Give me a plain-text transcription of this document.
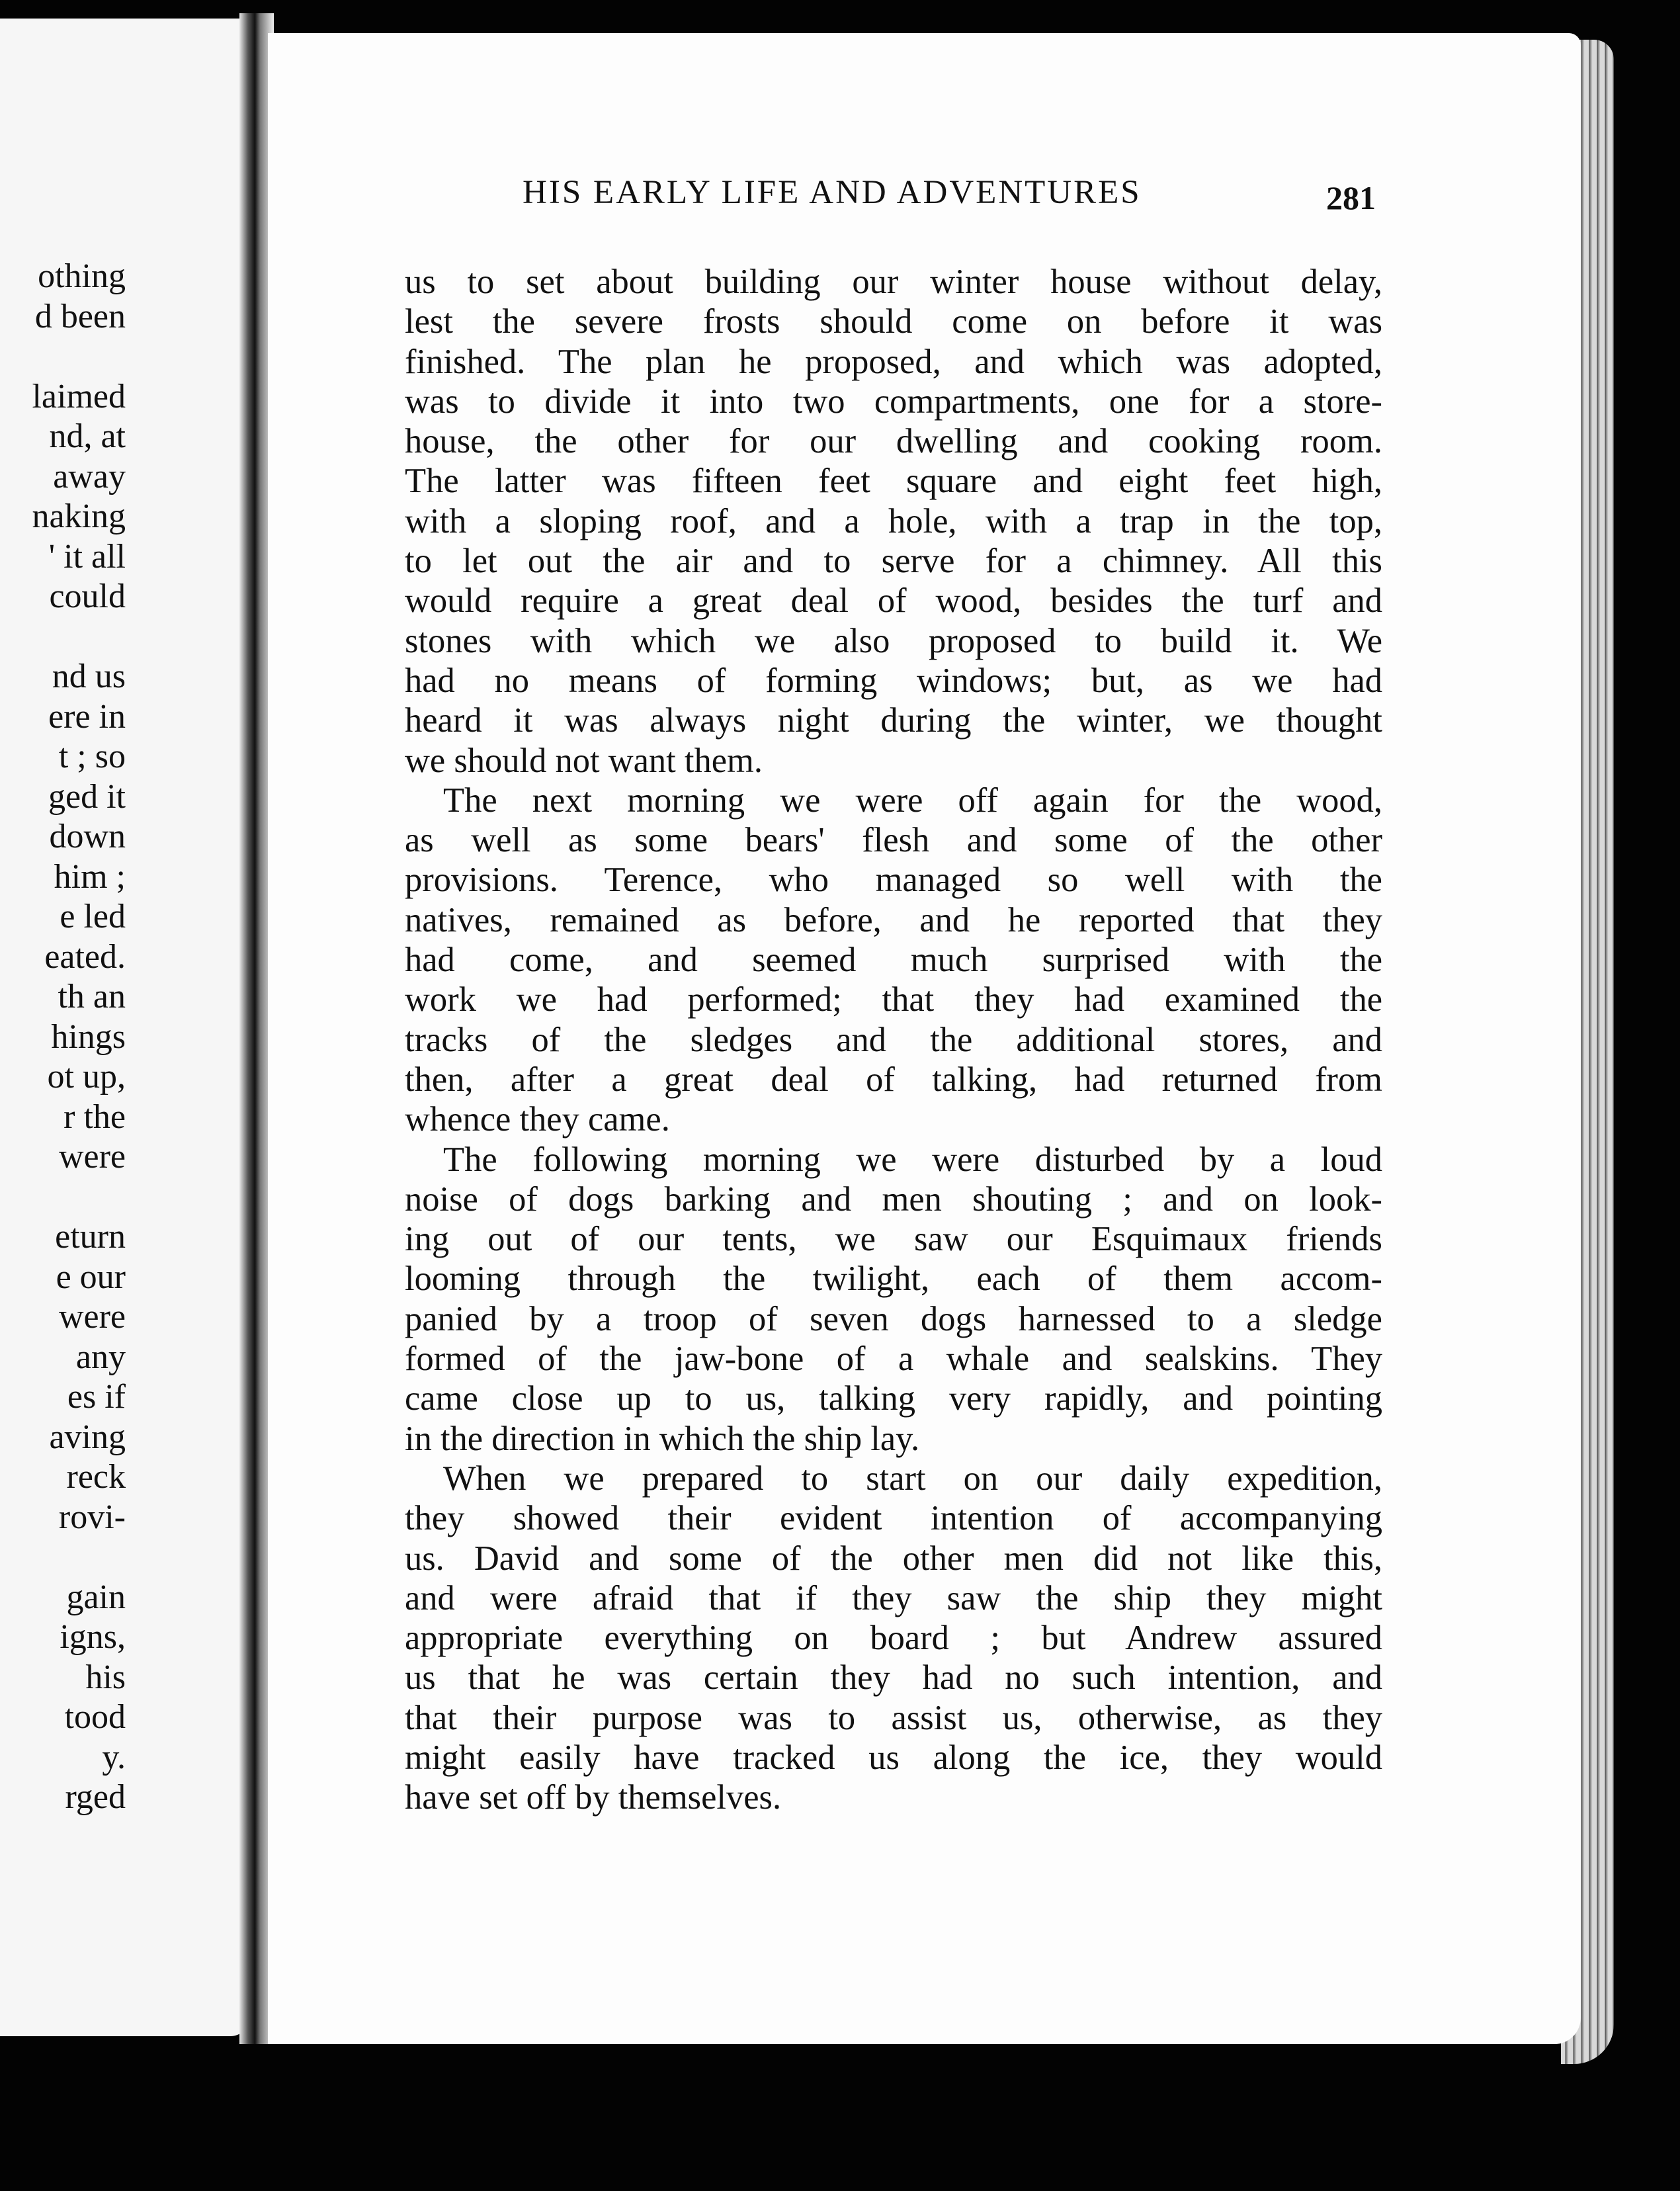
othing
d been
laimed
nd, at
away
naking
' it all
could
nd us
ere in
t ; so
ged it
down
him ;
e led
eated.
th an
hings
ot up,
r the
were
eturn
e our
were
any
es if
aving
reck
rovi-
gain
igns,
his
tood
y.
rged
HIS EARLY LIFE AND ADVENTURES	281
us to set about building our winter house without delay,
lest the severe frosts should come on before it was
finished. The plan he proposed, and which was adopted,
was to divide it into two compartments, one for a store-
house, the other for our dwelling and cooking room.
The latter was fifteen feet square and eight feet high,
with a sloping roof, and a hole, with a trap in the top,
to let out the air and to serve for a chimney. All this
would require a great deal of wood, besides the turf and
stones with which we also proposed to build it. We
had no means of forming windows; but, as we had
heard it was always night during the winter, we thought
we should not want them.
The next morning we were off again for the wood,
as well as some bears' flesh and some of the other
provisions. Terence, who managed so well with the
natives, remained as before, and he reported that they
had come, and seemed much surprised with the
work we had performed; that they had examined the
tracks of the sledges and the additional stores, and
then, after a great deal of talking, had returned from
whence they came.
The following morning we were disturbed by a loud
noise of dogs barking and men shouting ; and on look-
ing out of our tents, we saw our Esquimaux friends
looming through the twilight, each of them accom-
panied by a troop of seven dogs harnessed to a sledge
formed of the jaw-bone of a whale and sealskins. They
came close up to us, talking very rapidly, and pointing
in the direction in which the ship lay.
When we prepared to start on our daily expedition,
they showed their evident intention of accompanying
us. David and some of the other men did not like this,
and were afraid that if they saw the ship they might
appropriate everything on board ; but Andrew assured
us that he was certain they had no such intention, and
that their purpose was to assist us, otherwise, as they
might easily have tracked us along the ice, they would
have set off by themselves.
